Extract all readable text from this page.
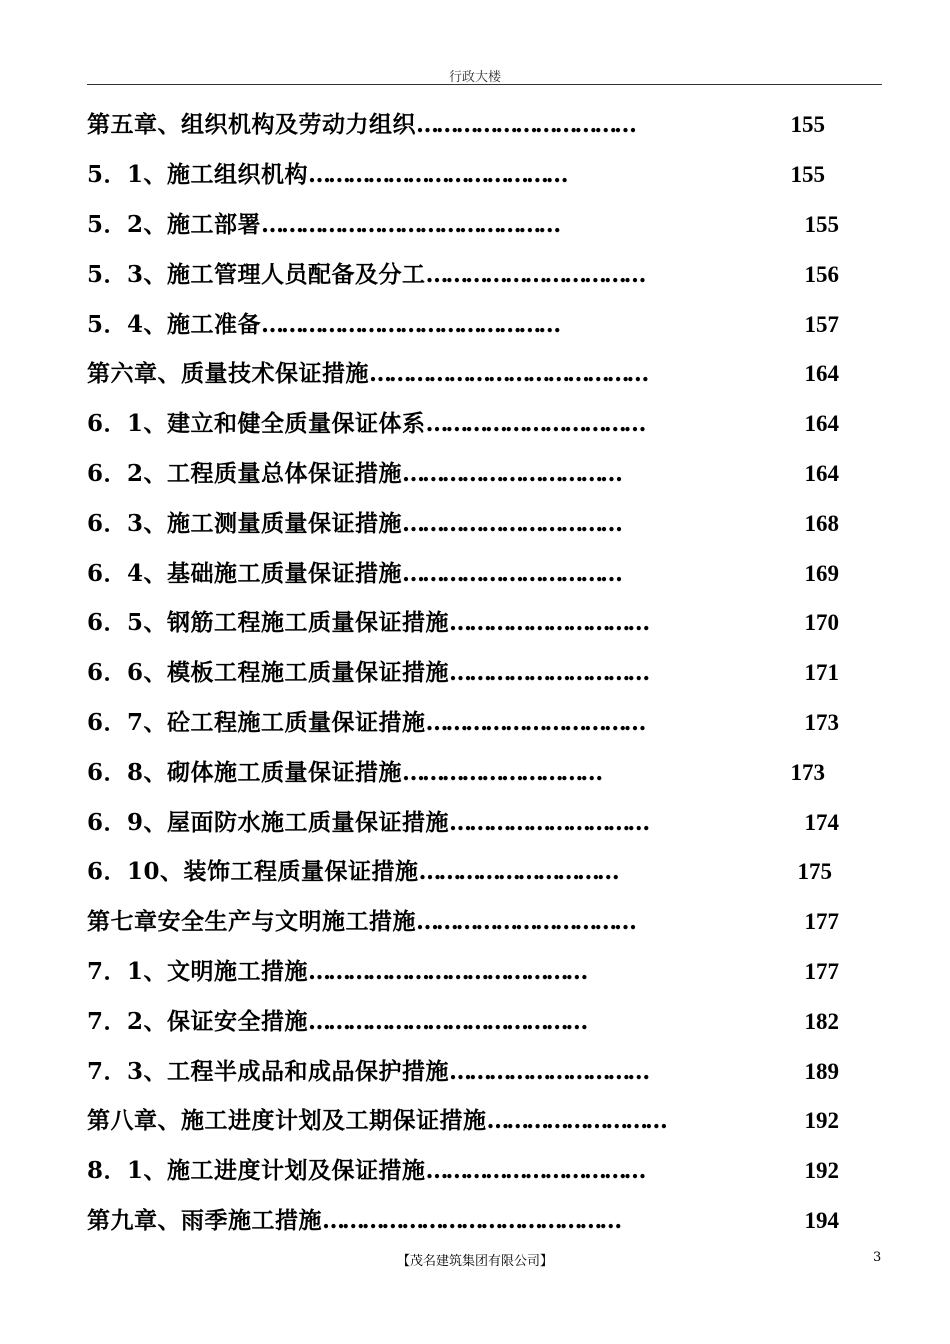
行政大楼
第五章、组织机构及劳动力组织 ……………………………	155
5．1、施工组织机构 …………………………………	155
5．2、施工部署 ………………………………………	155
5．3、施工管理人员配备及分工 ……………………………	156
5．4、施工准备 ………………………………………	157
第六章、质量技术保证措施 ……………………………………	164
6．1、建立和健全质量保证体系 ……………………………	164
6．2、工程质量总体保证措施 ……………………………	164
6．3、施工测量质量保证措施 ……………………………	168
6．4、基础施工质量保证措施 ……………………………	169
6．5、钢筋工程施工质量保证措施 …………………………	170
6．6、模板工程施工质量保证措施 …………………………	171
6．7、砼工程施工质量保证措施 ……………………………	173
6．8、砌体施工质量保证措施 …………………………	173
6．9、屋面防水施工质量保证措施 …………………………	174
6．10、装饰工程质量保证措施 …………………………	175
第七章安全生产与文明施工措施 ……………………………	177
7．1、文明施工措施 ……………………………………	177
7．2、保证安全措施 ……………………………………	182
7．3、工程半成品和成品保护措施 …………………………	189
第八章、施工进度计划及工期保证措施 ………………………	192
8．1、施工进度计划及保证措施 ……………………………	192
第九章、雨季施工措施 ………………………………………	194
【茂名建筑集团有限公司】	3
